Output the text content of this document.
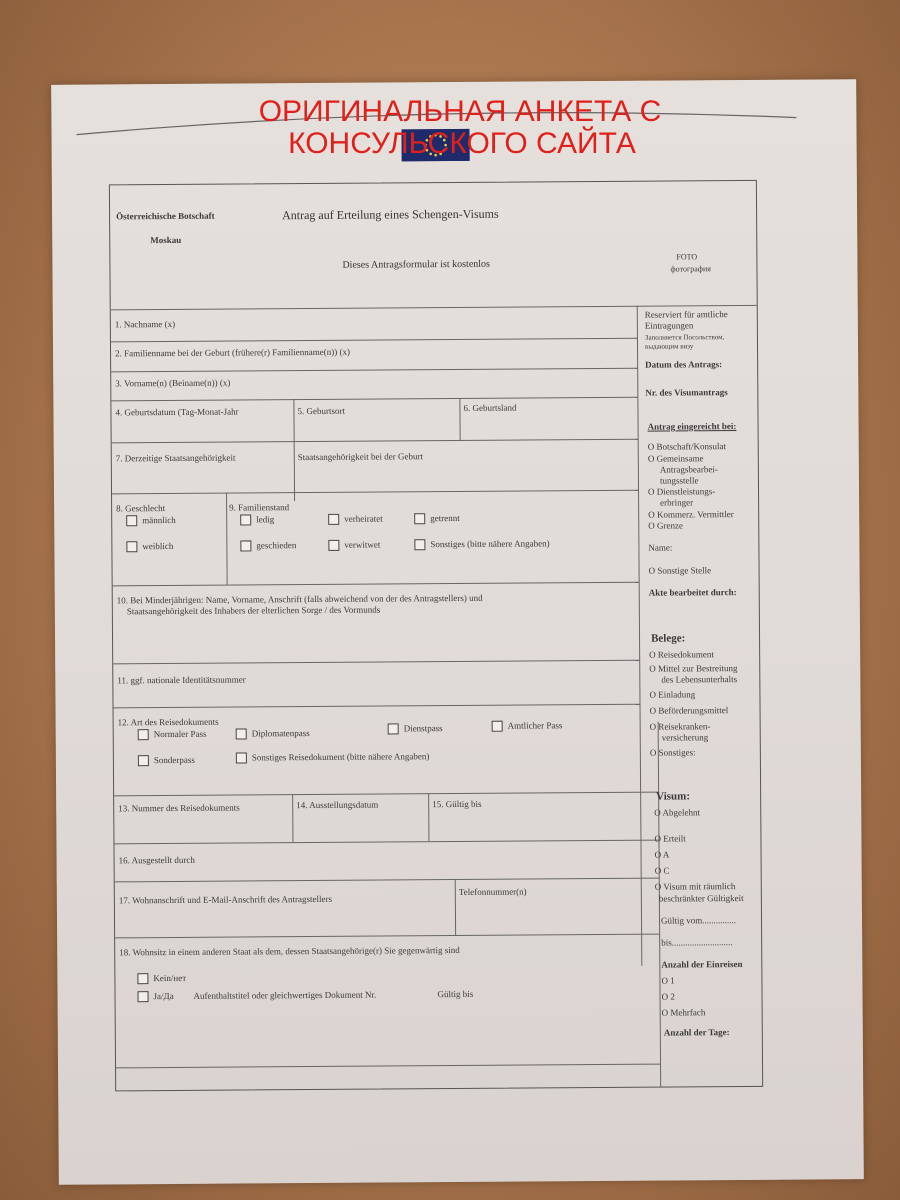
Österreichische Botschaft
Moskau
Antrag auf Erteilung eines Schengen-Visums
Dieses Antragsformular ist kostenlos
FOTO
фотография
1. Nachname (x)
2. Familienname bei der Geburt (frühere(r) Familienname(n)) (x)
3. Vorname(n) (Beiname(n)) (x)
4. Geburtsdatum (Tag-Monat-Jahr	5. Geburtsort	6. Geburtsland
7. Derzeitige Staatsangehörigkeit	Staatsangehörigkeit bei der Geburt
8. Geschlecht
männlich
weiblich
9. Familienstand
ledig	verheiratet	getrennt
geschieden	verwitwet	Sonstiges (bitte nähere Angaben)
10. Bei Minderjährigen: Name, Vorname, Anschrift (falls abweichend von der des Antragstellers) und
Staatsangehörigkeit des Inhabers der elterlichen Sorge / des Vormunds
11. ggf. nationale Identitätsnummer
12. Art des Reisedokuments
Normaler Pass	Diplomatenpass	Dienstpass	Amtlicher Pass
Sonderpass	Sonstiges Reisedokument (bitte nähere Angaben)
13. Nummer des Reisedokuments	14. Ausstellungsdatum	15. Gültig bis
16. Ausgestellt durch
17. Wohnanschrift und E-Mail-Anschrift des Antragstellers
Telefonnummer(n)
18. Wohnsitz in einem anderen Staat als dem, dessen Staatsangehörige(r) Sie gegenwärtig sind
Kein/нет
Ja/Да Aufenthaltstitel oder gleichwertiges Dokument Nr.	Gültig bis
Reserviert für amtliche
Eintragungen
Заполняется Посольством,
выдающим визу
Datum des Antrags:
Nr. des Visumantrags
Antrag eingereicht bei:
O Botschaft/Konsulat
O Gemeinsame
Antragsbearbei-
tungsstelle
O Dienstleistungs-
erbringer
O Kommerz. Vermittler
O Grenze
Name:
O Sonstige Stelle
Akte bearbeitet durch:
Belege:
O Reisedokument
O Mittel zur Bestreitung
des Lebensunterhalts
O Einladung
O Beförderungsmittel
O Reisekranken-
versicherung
O Sonstiges:
Visum:
O Abgelehnt
O Erteilt
O A
O C
O Visum mit räumlich
beschränkter Gültigkeit
Gültig vom...............
bis...........................
Anzahl der Einreisen
O 1
O 2
O Mehrfach
Anzahl der Tage:
ОРИГИНАЛЬНАЯ АНКЕТА С
КОНСУЛЬСКОГО САЙТА
